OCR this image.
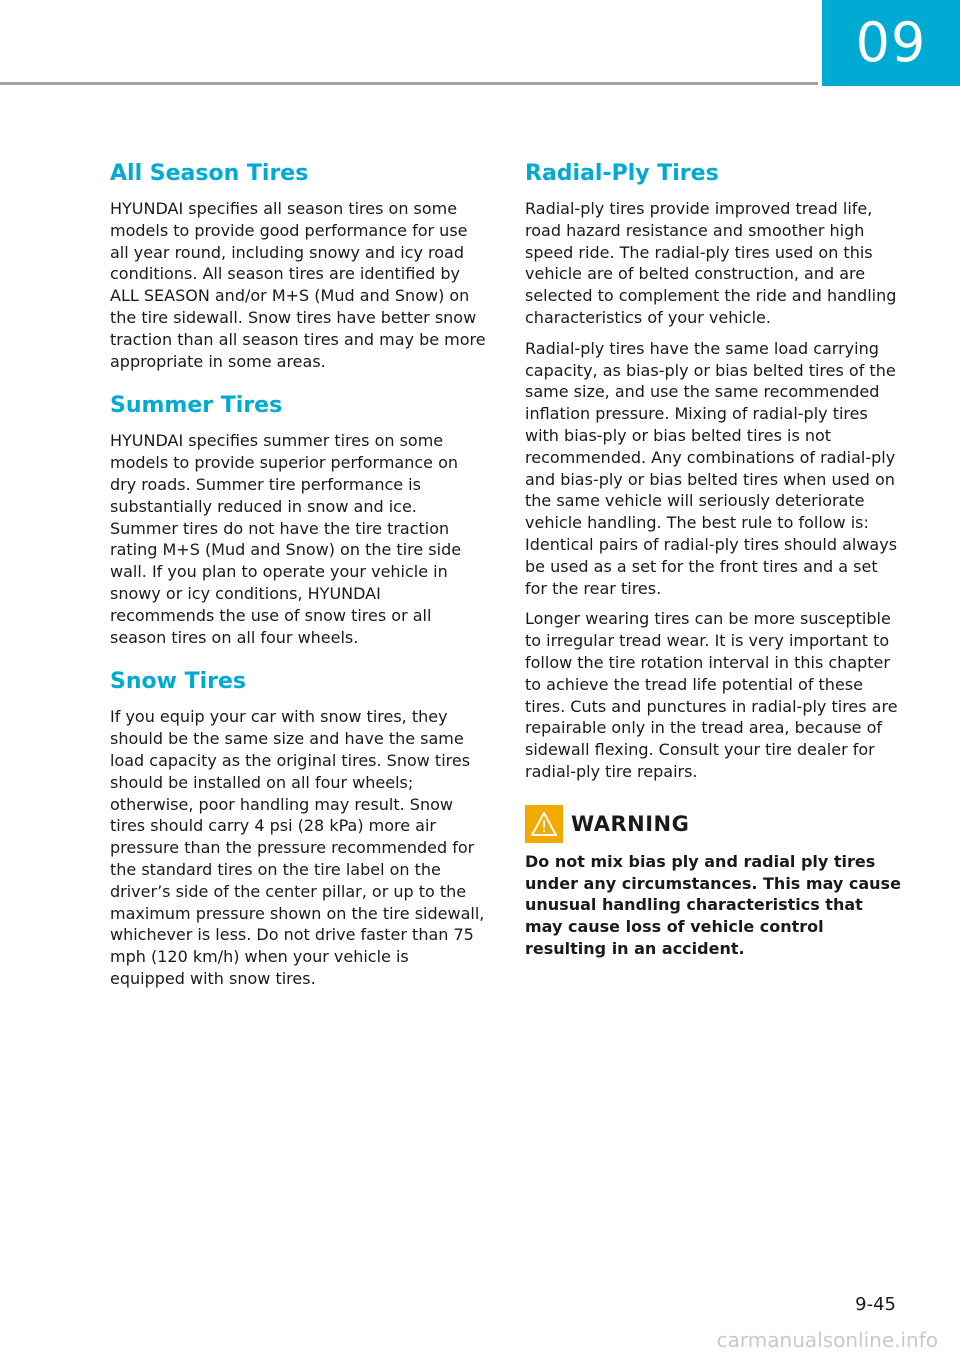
09
All Season Tires

HYUNDAI specifies all season tires on some models to provide good performance for use all year round, including snowy and icy road conditions. All season tires are identified by ALL SEASON and/or M+S (Mud and Snow) on the tire sidewall. Snow tires have better snow traction than all season tires and may be more appropriate in some areas.

Summer Tires

HYUNDAI specifies summer tires on some models to provide superior performance on dry roads. Summer tire performance is substantially reduced in snow and ice. Summer tires do not have the tire traction rating M+S (Mud and Snow) on the tire side wall. If you plan to operate your vehicle in snowy or icy conditions, HYUNDAI recommends the use of snow tires or all season tires on all four wheels.

Snow Tires

If you equip your car with snow tires, they should be the same size and have the same load capacity as the original tires. Snow tires should be installed on all four wheels; otherwise, poor handling may result. Snow tires should carry 4 psi (28 kPa) more air pressure than the pressure recommended for the standard tires on the tire label on the driver’s side of the center pillar, or up to the maximum pressure shown on the tire sidewall, whichever is less. Do not drive faster than 75 mph (120 km/h) when your vehicle is equipped with snow tires.

Radial-Ply Tires

Radial-ply tires provide improved tread life, road hazard resistance and smoother high speed ride. The radial-ply tires used on this vehicle are of belted construction, and are selected to complement the ride and handling characteristics of your vehicle.

Radial-ply tires have the same load carrying capacity, as bias-ply or bias belted tires of the same size, and use the same recommended inflation pressure. Mixing of radial-ply tires with bias-ply or bias belted tires is not recommended. Any combinations of radial-ply and bias-ply or bias belted tires when used on the same vehicle will seriously deteriorate vehicle handling. The best rule to follow is: Identical pairs of radial-ply tires should always be used as a set for the front tires and a set for the rear tires.

Longer wearing tires can be more susceptible to irregular tread wear. It is very important to follow the tire rotation interval in this chapter to achieve the tread life potential of these tires. Cuts and punctures in radial-ply tires are repairable only in the tread area, because of sidewall flexing. Consult your tire dealer for radial-ply tire repairs.

WARNING

Do not mix bias ply and radial ply tires under any circumstances. This may cause unusual handling characteristics that may cause loss of vehicle control resulting in an accident.

9-45
carmanualsonline.info
